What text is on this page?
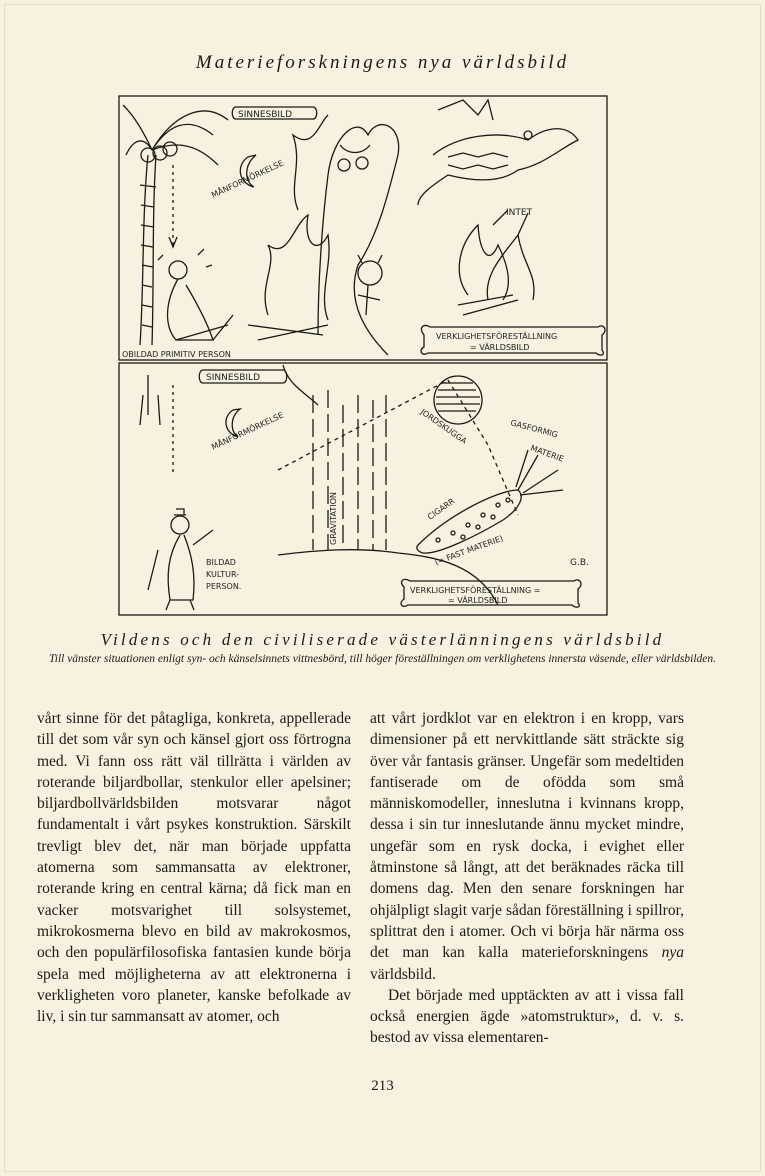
Materieforskningens nya världsbild
SINNESBILD
MÅNFORMÖRKELSE
INTET
VERKLIGHETSFÖRESTÄLLNING
= VÄRLDSBILD
OBILDAD PRIMITIV PERSON
SINNESBILD
MÅNFORMÖRKELSE	JORDSKUGGA	GASFORMIG
MATERIE
GRAVITATION	CIGARR
(= FAST MATERIE)
BILDAD
KULTUR-
PERSON.
G.B.
VERKLIGHETSFÖRESTÄLLNING =
= VÄRLDSBILD
Vildens och den civiliserade västerlänningens världsbild
Till vänster situationen enligt syn- och känselsinnets vittnesbörd, till höger föreställningen om verklighetens innersta väsende, eller världsbilden.

vårt sinne för det påtagliga, konkreta, appellerade till det som vår syn och känsel gjort oss förtrogna med. Vi fann oss rätt väl tillrätta i världen av roterande biljardbollar, stenkulor eller apelsiner; biljardbollvärldsbilden motsvarar något fundamentalt i vårt psykes konstruktion. Särskilt trevligt blev det, när man började uppfatta atomerna som sammansatta av elektroner, roterande kring en central kärna; då fick man en vacker motsvarighet till solsystemet, mikrokosmerna blevo en bild av makrokosmos, och den populärfilosofiska fantasien kunde börja spela med möjligheterna av att elektronerna i verkligheten voro planeter, kanske befolkade av liv, i sin tur sammansatt av atomer, och

att vårt jordklot var en elektron i en kropp, vars dimensioner på ett nervkittlande sätt sträckte sig över vår fantasis gränser. Ungefär som medeltiden fantiserade om de ofödda som små människomodeller, inneslutna i kvinnans kropp, dessa i sin tur inneslutande ännu mycket mindre, ungefär som en rysk docka, i evighet eller åtminstone så långt, att det beräknades räcka till domens dag. Men den senare forskningen har ohjälpligt slagit varje sådan föreställning i spillror, splittrat den i atomer. Och vi börja här närma oss det man kan kalla materieforskningens nya världsbild.

Det började med upptäckten av att i vissa fall också energien ägde »atomstruktur», d. v. s. bestod av vissa elementaren-

213
